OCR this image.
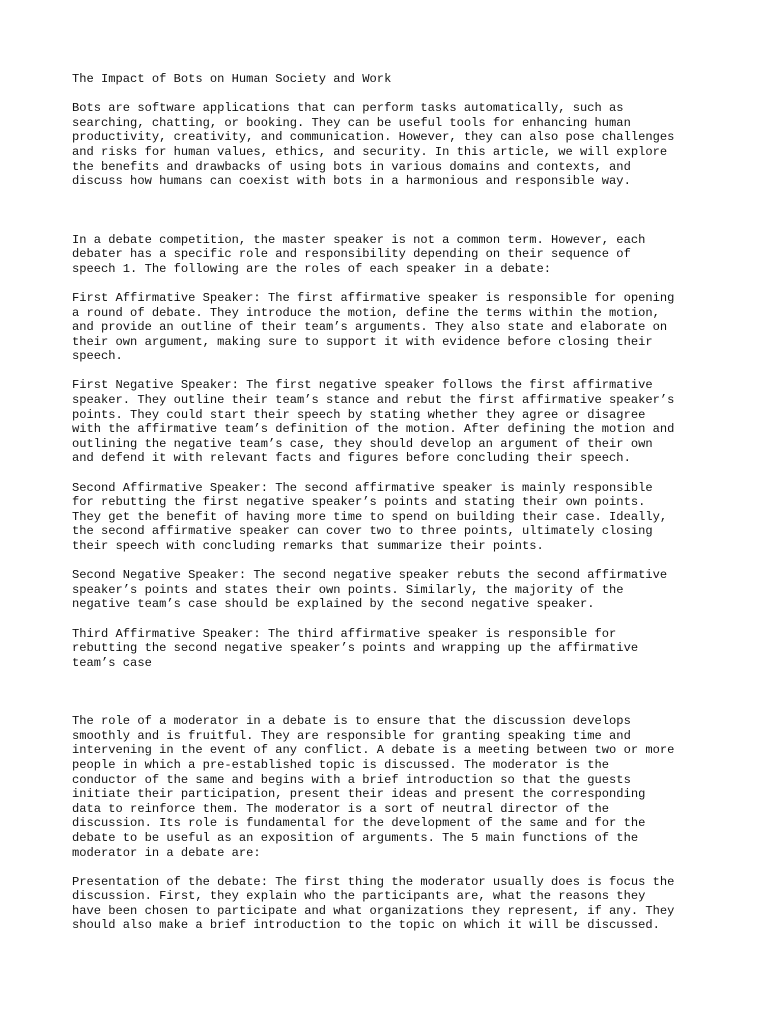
The Impact of Bots on Human Society and Work

Bots are software applications that can perform tasks automatically, such as
searching, chatting, or booking. They can be useful tools for enhancing human
productivity, creativity, and communication. However, they can also pose challenges
and risks for human values, ethics, and security. In this article, we will explore
the benefits and drawbacks of using bots in various domains and contexts, and
discuss how humans can coexist with bots in a harmonious and responsible way.

In a debate competition, the master speaker is not a common term. However, each
debater has a specific role and responsibility depending on their sequence of
speech 1. The following are the roles of each speaker in a debate:

First Affirmative Speaker: The first affirmative speaker is responsible for opening
a round of debate. They introduce the motion, define the terms within the motion,
and provide an outline of their team’s arguments. They also state and elaborate on
their own argument, making sure to support it with evidence before closing their
speech.

First Negative Speaker: The first negative speaker follows the first affirmative
speaker. They outline their team’s stance and rebut the first affirmative speaker’s
points. They could start their speech by stating whether they agree or disagree
with the affirmative team’s definition of the motion. After defining the motion and
outlining the negative team’s case, they should develop an argument of their own
and defend it with relevant facts and figures before concluding their speech.

Second Affirmative Speaker: The second affirmative speaker is mainly responsible
for rebutting the first negative speaker’s points and stating their own points.
They get the benefit of having more time to spend on building their case. Ideally,
the second affirmative speaker can cover two to three points, ultimately closing
their speech with concluding remarks that summarize their points.

Second Negative Speaker: The second negative speaker rebuts the second affirmative
speaker’s points and states their own points. Similarly, the majority of the
negative team’s case should be explained by the second negative speaker.

Third Affirmative Speaker: The third affirmative speaker is responsible for
rebutting the second negative speaker’s points and wrapping up the affirmative
team’s case

The role of a moderator in a debate is to ensure that the discussion develops
smoothly and is fruitful. They are responsible for granting speaking time and
intervening in the event of any conflict. A debate is a meeting between two or more
people in which a pre-established topic is discussed. The moderator is the
conductor of the same and begins with a brief introduction so that the guests
initiate their participation, present their ideas and present the corresponding
data to reinforce them. The moderator is a sort of neutral director of the
discussion. Its role is fundamental for the development of the same and for the
debate to be useful as an exposition of arguments. The 5 main functions of the
moderator in a debate are:

Presentation of the debate: The first thing the moderator usually does is focus the
discussion. First, they explain who the participants are, what the reasons they
have been chosen to participate and what organizations they represent, if any. They
should also make a brief introduction to the topic on which it will be discussed.
